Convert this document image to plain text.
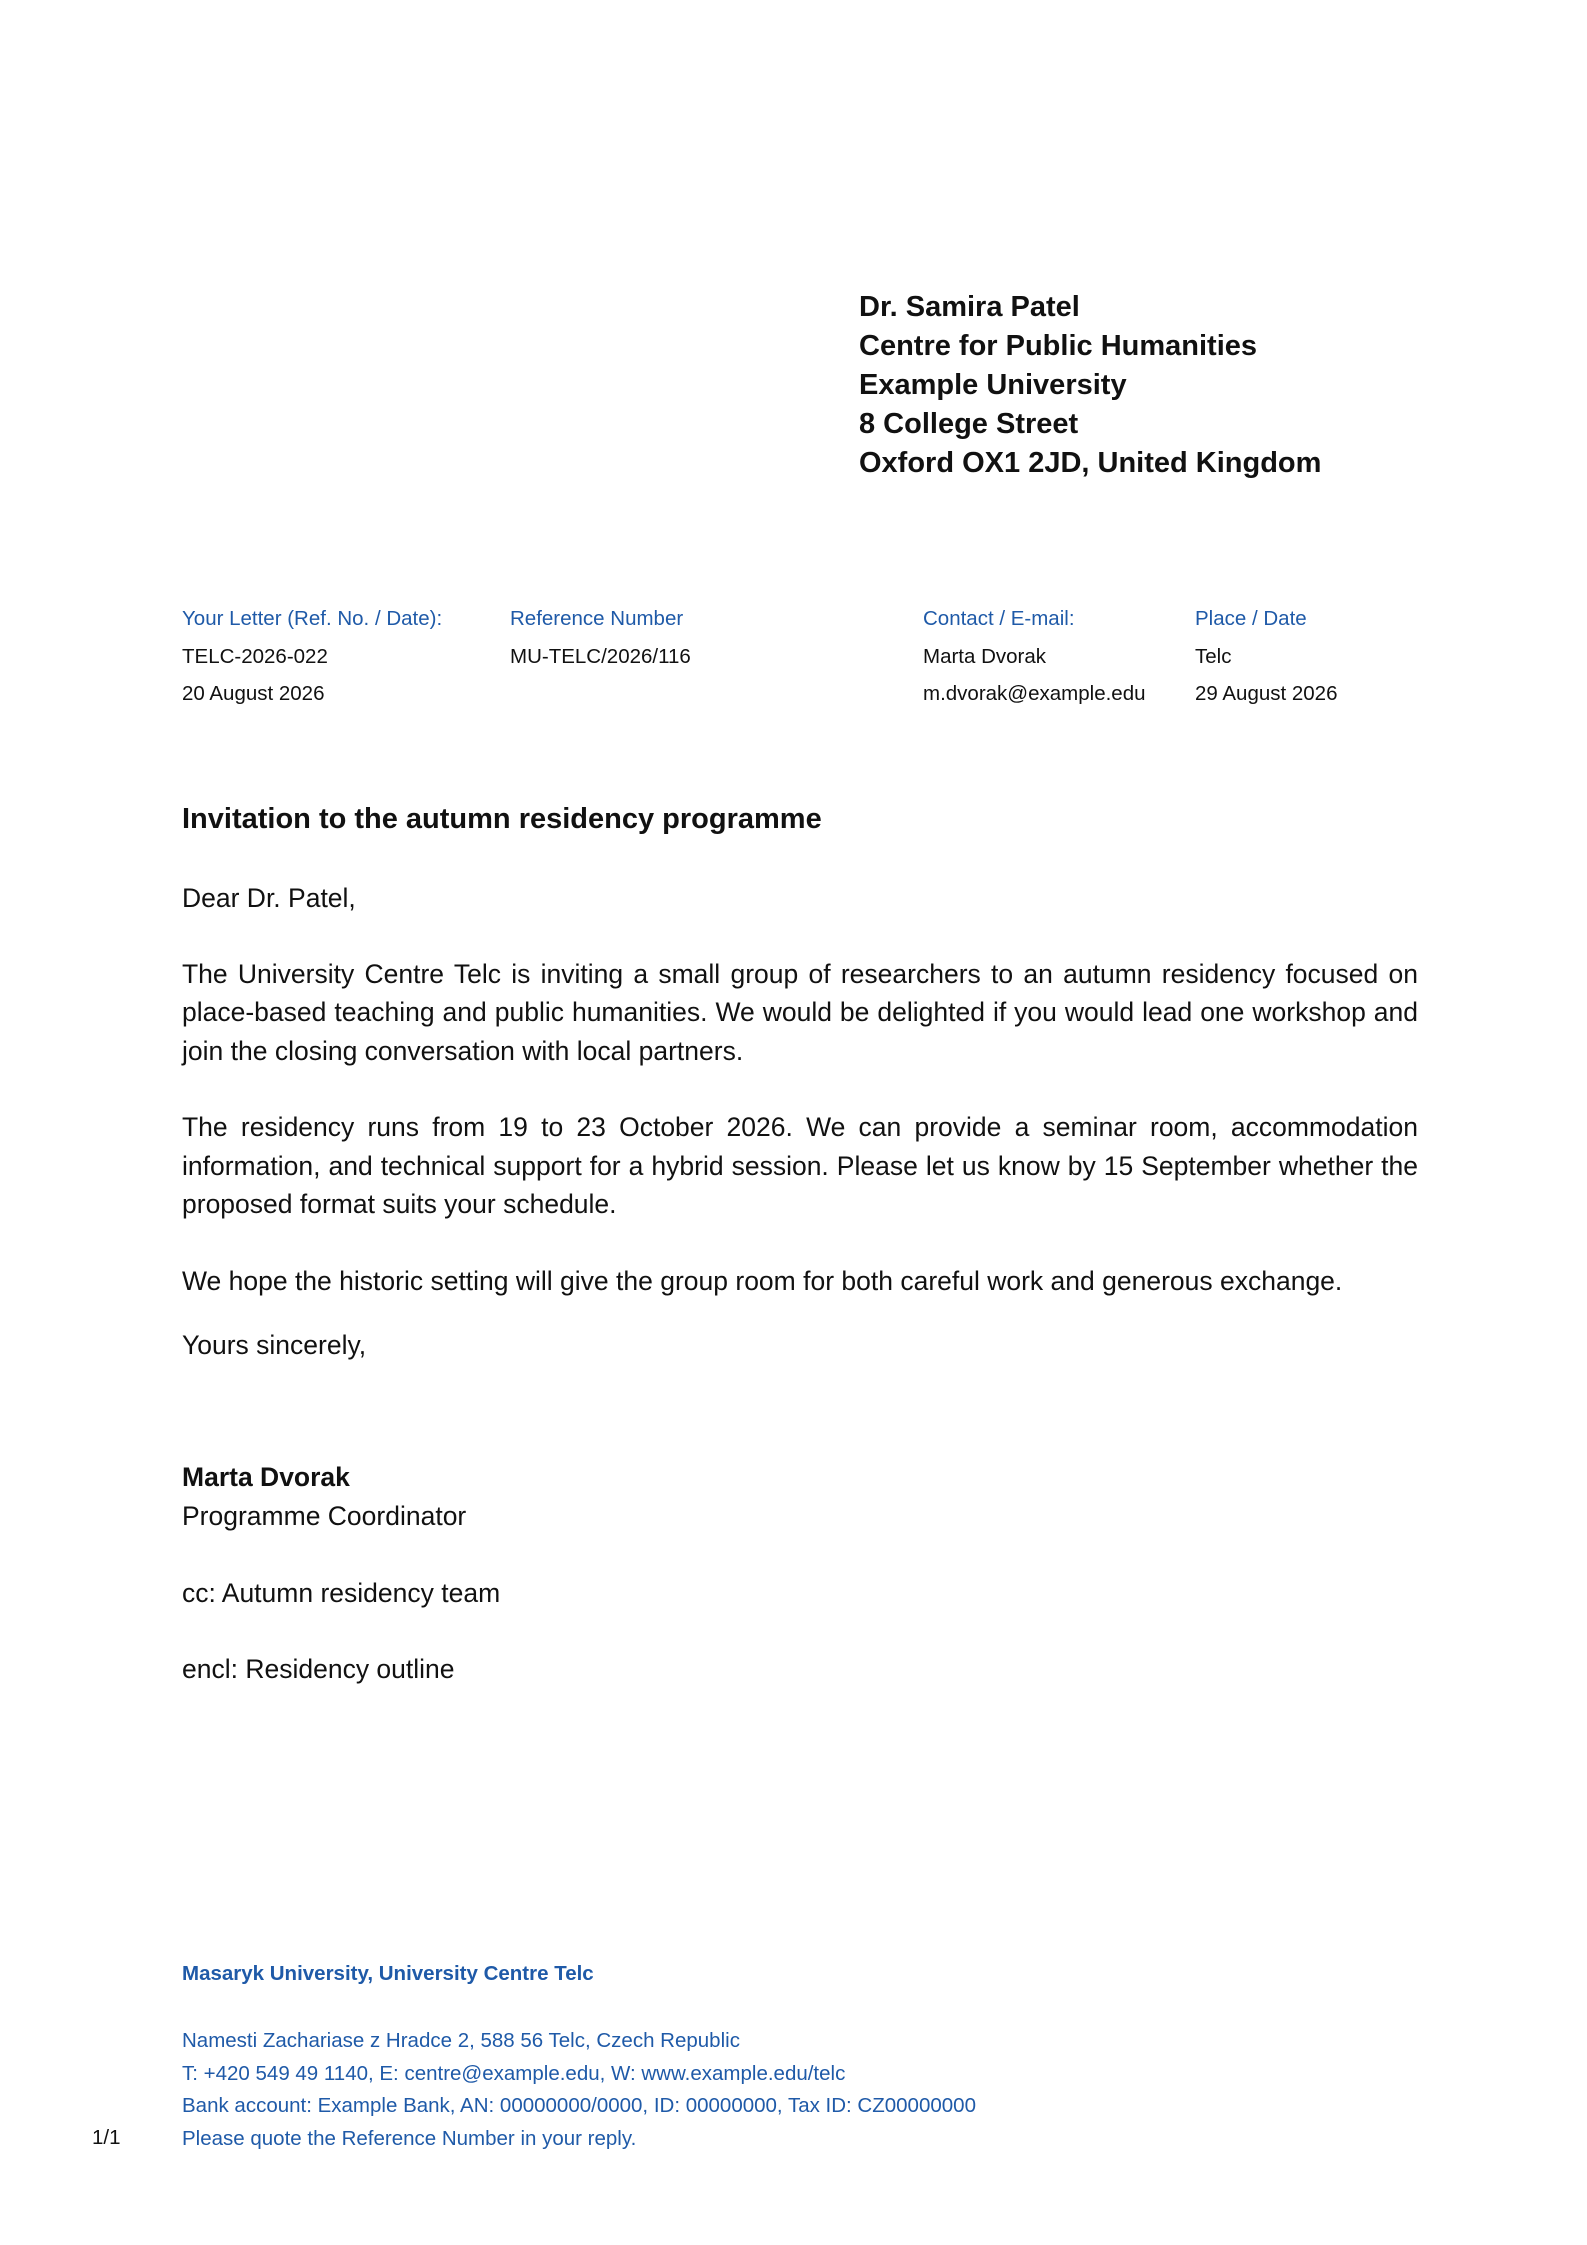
Dr. Samira Patel
Centre for Public Humanities
Example University
8 College Street
Oxford OX1 2JD, United Kingdom
Your Letter (Ref. No. / Date):
TELC-2026-022
20 August 2026
Reference Number
MU-TELC/2026/116
Contact / E-mail:
Marta Dvorak
m.dvorak@example.edu
Place / Date
Telc
29 August 2026
Invitation to the autumn residency programme

Dear Dr. Patel,

The University Centre Telc is inviting a small group of researchers to an autumn residency focused on place-based teaching and public humanities. We would be delighted if you would lead one workshop and join the closing conversation with local partners.

The residency runs from 19 to 23 October 2026. We can provide a seminar room, accommodation information, and technical support for a hybrid session. Please let us know by 15 September whether the proposed format suits your schedule.

We hope the historic setting will give the group room for both careful work and generous exchange.

Yours sincerely,

Marta Dvorak
Programme Coordinator
cc: Autumn residency team
encl: Residency outline
Masaryk University, University Centre Telc
Namesti Zachariase z Hradce 2, 588 56 Telc, Czech Republic
T: +420 549 49 1140, E: centre@example.edu, W: www.example.edu/telc
Bank account: Example Bank, AN: 00000000/0000, ID: 00000000, Tax ID: CZ00000000
Please quote the Reference Number in your reply.
1/1
